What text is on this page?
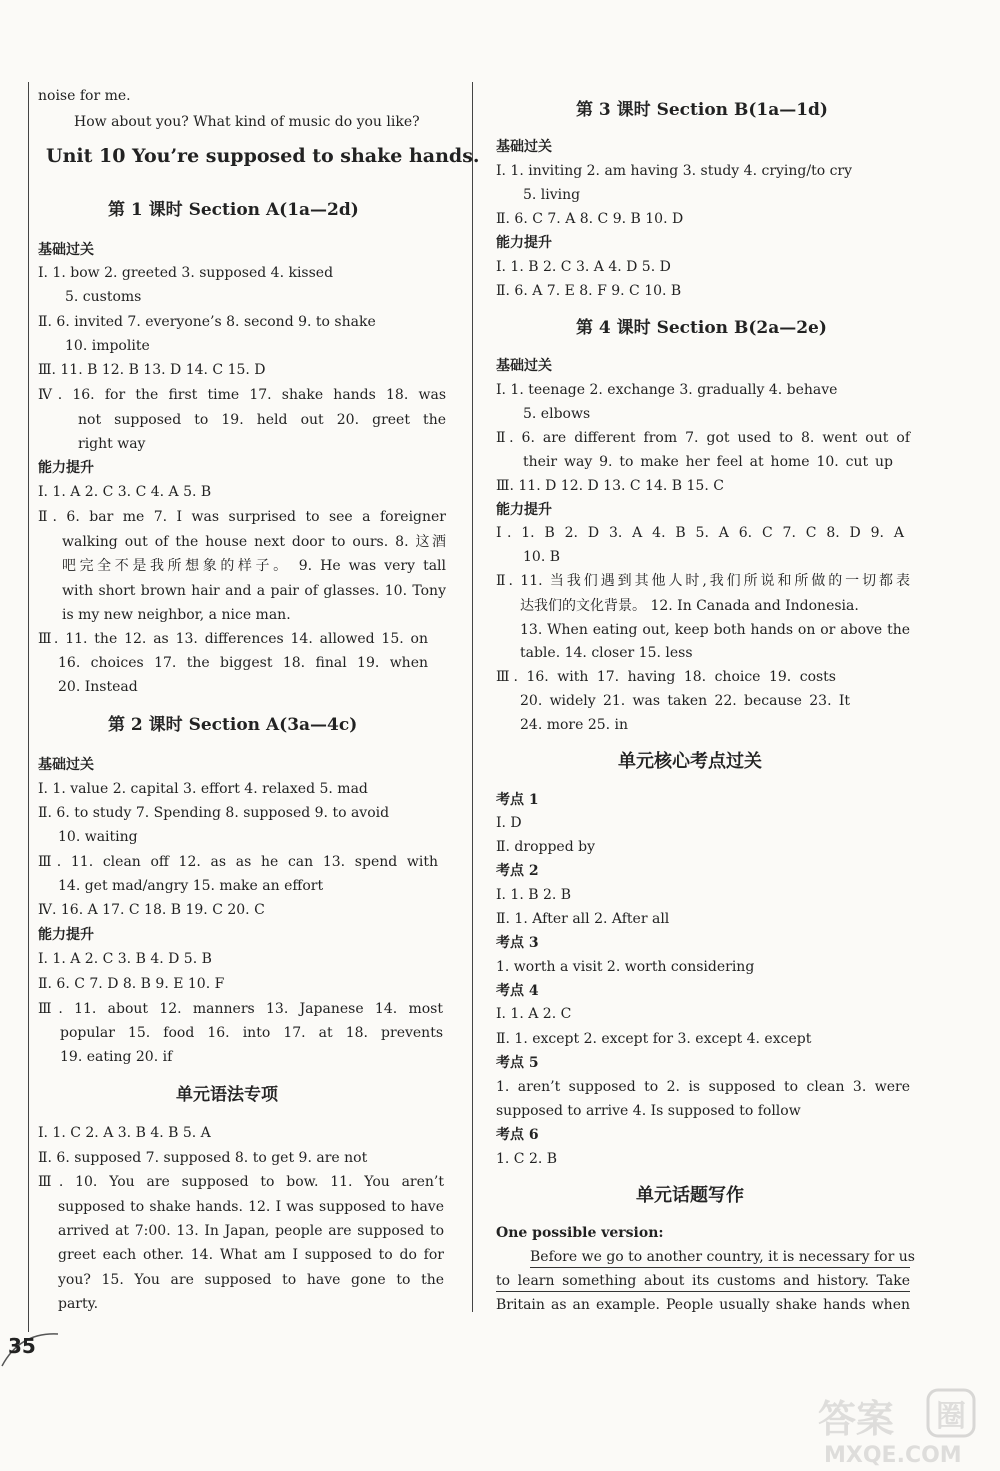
noise for me.
How about you? What kind of music do you like?
Unit 10 You’re supposed to shake hands.
第 1 课时 Section A(1a—2d)
基础过关
Ⅰ. 1. bow 2. greeted 3. supposed 4. kissed
5. customs
Ⅱ. 6. invited 7. everyone’s 8. second 9. to shake
10. impolite
Ⅲ. 11. B 12. B 13. D 14. C 15. D
Ⅳ. 16. for the first time 17. shake hands 18. was
not supposed to 19. held out 20. greet the
right way
能力提升
Ⅰ. 1. A 2. C 3. C 4. A 5. B
Ⅱ. 6. bar me 7. I was surprised to see a foreigner
walking out of the house next door to ours. 8. 这酒
吧完全不是我所想象的样子。 9. He was very tall
with short brown hair and a pair of glasses. 10. Tony
is my new neighbor, a nice man.
Ⅲ. 11. the 12. as 13. differences 14. allowed 15. on
16. choices 17. the biggest 18. final 19. when
20. Instead
第 2 课时 Section A(3a—4c)
基础过关
Ⅰ. 1. value 2. capital 3. effort 4. relaxed 5. mad
Ⅱ. 6. to study 7. Spending 8. supposed 9. to avoid
10. waiting
Ⅲ. 11. clean off 12. as as he can 13. spend with
14. get mad/angry 15. make an effort
Ⅳ. 16. A 17. C 18. B 19. C 20. C
能力提升
Ⅰ. 1. A 2. C 3. B 4. D 5. B
Ⅱ. 6. C 7. D 8. B 9. E 10. F
Ⅲ. 11. about 12. manners 13. Japanese 14. most
popular 15. food 16. into 17. at 18. prevents
19. eating 20. if
单元语法专项
Ⅰ. 1. C 2. A 3. B 4. B 5. A
Ⅱ. 6. supposed 7. supposed 8. to get 9. are not
Ⅲ. 10. You are supposed to bow. 11. You aren’t
supposed to shake hands. 12. I was supposed to have
arrived at 7:00. 13. In Japan, people are supposed to
greet each other. 14. What am I supposed to do for
you? 15. You are supposed to have gone to the
party.
第 3 课时 Section B(1a—1d)
基础过关
Ⅰ. 1. inviting 2. am having 3. study 4. crying/to cry
5. living
Ⅱ. 6. C 7. A 8. C 9. B 10. D
能力提升
Ⅰ. 1. B 2. C 3. A 4. D 5. D
Ⅱ. 6. A 7. E 8. F 9. C 10. B
第 4 课时 Section B(2a—2e)
基础过关
Ⅰ. 1. teenage 2. exchange 3. gradually 4. behave
5. elbows
Ⅱ. 6. are different from 7. got used to 8. went out of
their way 9. to make her feel at home 10. cut up
Ⅲ. 11. D 12. D 13. C 14. B 15. C
能力提升
Ⅰ. 1. B 2. D 3. A 4. B 5. A 6. C 7. C 8. D 9. A
10. B
Ⅱ. 11. 当我们遇到其他人时,我们所说和所做的一切都表
达我们的文化背景。 12. In Canada and Indonesia.
13. When eating out, keep both hands on or above the
table. 14. closer 15. less
Ⅲ. 16. with 17. having 18. choice 19. costs
20. widely 21. was taken 22. because 23. It
24. more 25. in
单元核心考点过关
考点 1
Ⅰ. D
Ⅱ. dropped by
考点 2
Ⅰ. 1. B 2. B
Ⅱ. 1. After all 2. After all
考点 3
1. worth a visit 2. worth considering
考点 4
Ⅰ. 1. A 2. C
Ⅱ. 1. except 2. except for 3. except 4. except
考点 5
1. aren’t supposed to 2. is supposed to clean 3. were
supposed to arrive 4. Is supposed to follow
考点 6
1. C 2. B
单元话题写作
One possible version:
Before we go to another country, it is necessary for us
to learn something about its customs and history. Take
Britain as an example. People usually shake hands when
35
答案 圈
MXQE.COM
